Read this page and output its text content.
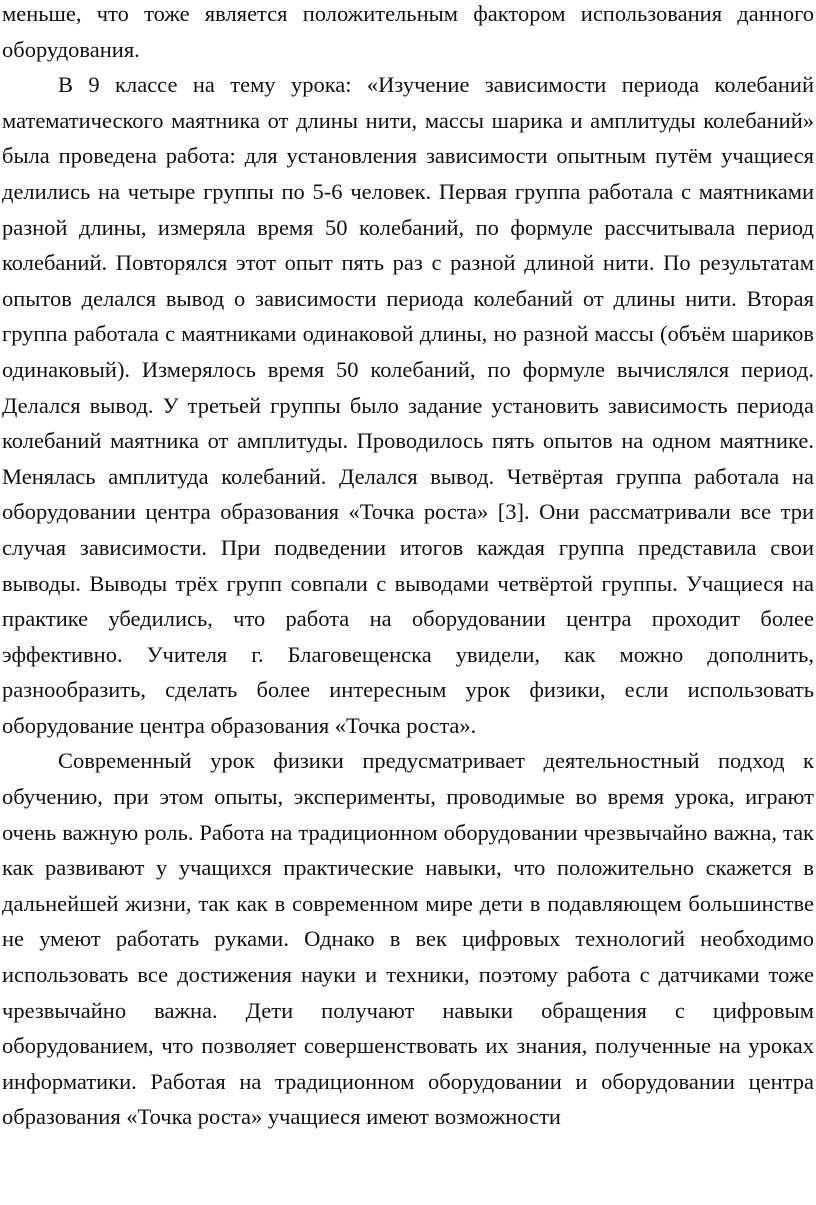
меньше, что тоже является положительным фактором использования данного оборудования.

В 9 классе на тему урока: «Изучение зависимости периода колебаний математического маятника от длины нити, массы шарика и амплитуды колебаний» была проведена работа: для установления зависимости опытным путём учащиеся делились на четыре группы по 5-6 человек. Первая группа работала с маятниками разной длины, измеряла время 50 колебаний, по формуле рассчитывала период колебаний. Повторялся этот опыт пять раз с разной длиной нити. По результатам опытов делался вывод о зависимости периода колебаний от длины нити. Вторая группа работала с маятниками одинаковой длины, но разной массы (объём шариков одинаковый). Измерялось время 50 колебаний, по формуле вычислялся период. Делался вывод. У третьей группы было задание установить зависимость периода колебаний маятника от амплитуды. Проводилось пять опытов на одном маятнике. Менялась амплитуда колебаний. Делался вывод. Четвёртая группа работала на оборудовании центра образования «Точка роста» [3]. Они рассматривали все три случая зависимости. При подведении итогов каждая группа представила свои выводы. Выводы трёх групп совпали с выводами четвёртой группы. Учащиеся на практике убедились, что работа на оборудовании центра проходит более эффективно. Учителя г. Благовещенска увидели, как можно дополнить, разнообразить, сделать более интересным урок физики, если использовать оборудование центра образования «Точка роста».

Современный урок физики предусматривает деятельностный подход к обучению, при этом опыты, эксперименты, проводимые во время урока, играют очень важную роль. Работа на традиционном оборудовании чрезвычайно важна, так как развивают у учащихся практические навыки, что положительно скажется в дальнейшей жизни, так как в современном мире дети в подавляющем большинстве не умеют работать руками. Однако в век цифровых технологий необходимо использовать все достижения науки и техники, поэтому работа с датчиками тоже чрезвычайно важна. Дети получают навыки обращения с цифровым оборудованием, что позволяет совершенствовать их знания, полученные на уроках информатики. Работая на традиционном оборудовании и оборудовании центра образования «Точка роста» учащиеся имеют возможности
